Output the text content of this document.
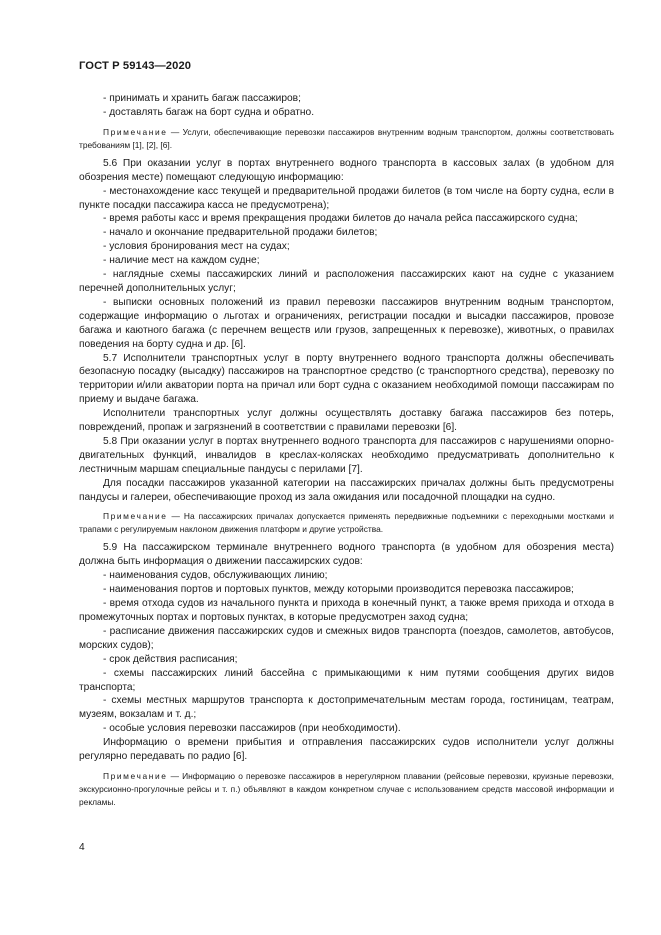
ГОСТ Р 59143—2020

- принимать и хранить багаж пассажиров;

- доставлять багаж на борт судна и обратно.

Примечание — Услуги, обеспечивающие перевозки пассажиров внутренним водным транспортом, должны соответствовать требованиям [1], [2], [6].

5.6 При оказании услуг в портах внутреннего водного транспорта в кассовых залах (в удобном для обозрения месте) помещают следующую информацию:

- местонахождение касс текущей и предварительной продажи билетов (в том числе на борту судна, если в пункте посадки пассажира касса не предусмотрена);

- время работы касс и время прекращения продажи билетов до начала рейса пассажирского судна;

- начало и окончание предварительной продажи билетов;

- условия бронирования мест на судах;

- наличие мест на каждом судне;

- наглядные схемы пассажирских линий и расположения пассажирских кают на судне с указанием перечней дополнительных услуг;

- выписки основных положений из правил перевозки пассажиров внутренним водным транспортом, содержащие информацию о льготах и ограничениях, регистрации посадки и высадки пассажиров, провозе багажа и каютного багажа (с перечнем веществ или грузов, запрещенных к перевозке), животных, о правилах поведения на борту судна и др. [6].

5.7 Исполнители транспортных услуг в порту внутреннего водного транспорта должны обеспечивать безопасную посадку (высадку) пассажиров на транспортное средство (с транспортного средства), перевозку по территории и/или акватории порта на причал или борт судна с оказанием необходимой помощи пассажирам по приему и выдаче багажа.

Исполнители транспортных услуг должны осуществлять доставку багажа пассажиров без потерь, повреждений, пропаж и загрязнений в соответствии с правилами перевозки [6].

5.8 При оказании услуг в портах внутреннего водного транспорта для пассажиров с нарушениями опорно-двигательных функций, инвалидов в креслах-колясках необходимо предусматривать дополнительно к лестничным маршам специальные пандусы с перилами [7].

Для посадки пассажиров указанной категории на пассажирских причалах должны быть предусмотрены пандусы и галереи, обеспечивающие проход из зала ожидания или посадочной площадки на судно.

Примечание — На пассажирских причалах допускается применять передвижные подъемники с переходными мостками и трапами с регулируемым наклоном движения платформ и другие устройства.

5.9 На пассажирском терминале внутреннего водного транспорта (в удобном для обозрения места) должна быть информация о движении пассажирских судов:

- наименования судов, обслуживающих линию;

- наименования портов и портовых пунктов, между которыми производится перевозка пассажиров;

- время отхода судов из начального пункта и прихода в конечный пункт, а также время прихода и отхода в промежуточных портах и портовых пунктах, в которые предусмотрен заход судна;

- расписание движения пассажирских судов и смежных видов транспорта (поездов, самолетов, автобусов, морских судов);

- срок действия расписания;

- схемы пассажирских линий бассейна с примыкающими к ним путями сообщения других видов транспорта;

- схемы местных маршрутов транспорта к достопримечательным местам города, гостиницам, театрам, музеям, вокзалам и т. д.;

- особые условия перевозки пассажиров (при необходимости).

Информацию о времени прибытия и отправления пассажирских судов исполнители услуг должны регулярно передавать по радио [6].

Примечание — Информацию о перевозке пассажиров в нерегулярном плавании (рейсовые перевозки, круизные перевозки, экскурсионно-прогулочные рейсы и т. п.) объявляют в каждом конкретном случае с использованием средств массовой информации и рекламы.

4
